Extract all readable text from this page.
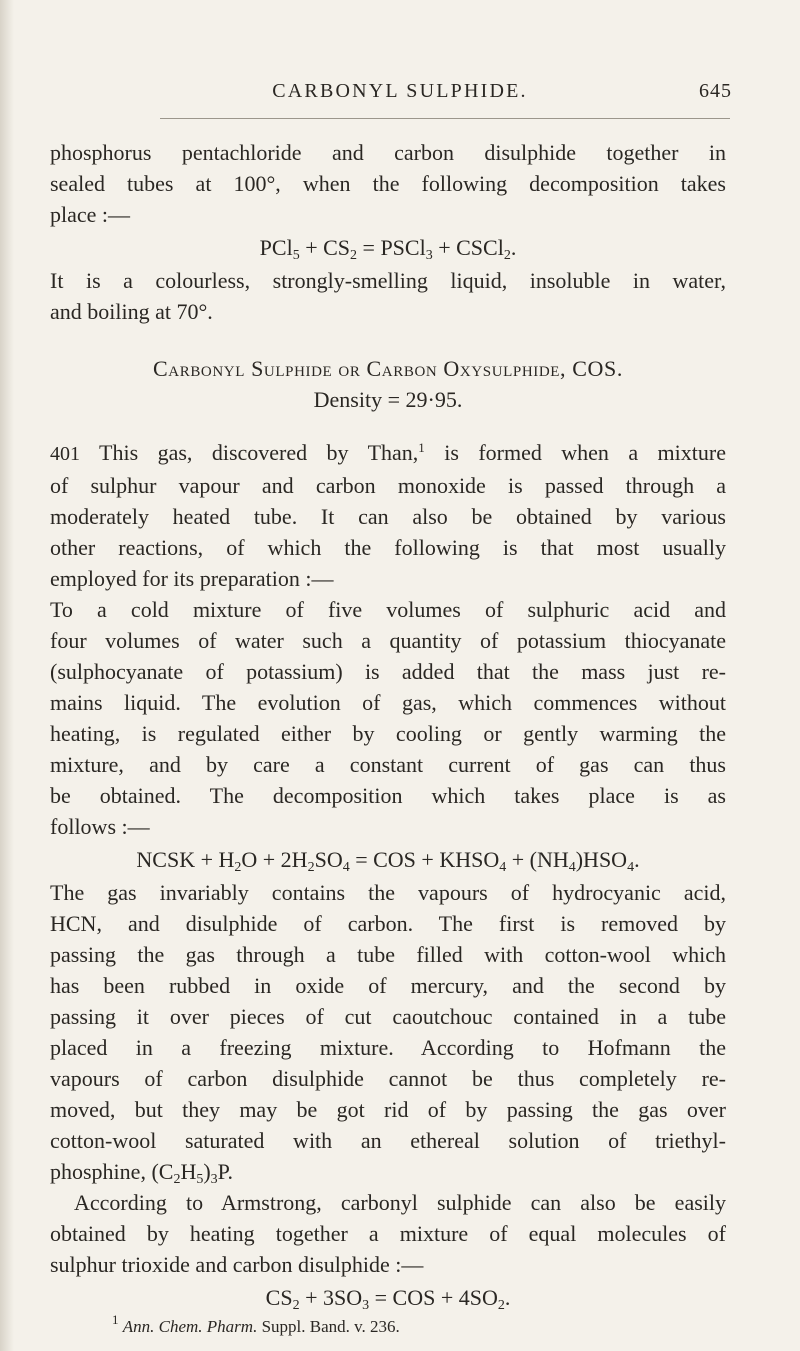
CARBONYL SULPHIDE.	645

phosphorus pentachloride and carbon disulphide together in
sealed tubes at 100°, when the following decomposition takes
place :—

$PCl_5 + CS_2$ = PSCl$_3$ + CSCl$_2$.

It is a colourless, strongly-smelling liquid, insoluble in water,
and boiling at 70°.

Carbonyl Sulphide or Carbon Oxysulphide, COS.
Density = 29·95.

401 This gas, discovered by Than,$^1$ is formed when a mixture
of sulphur vapour and carbon monoxide is passed through a
moderately heated tube. It can also be obtained by various
other reactions, of which the following is that most usually
employed for its preparation :—

To a cold mixture of five volumes of sulphuric acid and
four volumes of water such a quantity of potassium thiocyanate
(sulphocyanate of potassium) is added that the mass just re-
mains liquid. The evolution of gas, which commences without
heating, is regulated either by cooling or gently warming the
mixture, and by care a constant current of gas can thus
be obtained. The decomposition which takes place is as
follows :—

NCSK + $H_2O + 2H_2SO_4$ = COS + $KHSO_4 + (NH_4)HSO_4$.

The gas invariably contains the vapours of hydrocyanic acid,
HCN, and disulphide of carbon. The first is removed by
passing the gas through a tube filled with cotton-wool which
has been rubbed in oxide of mercury, and the second by
passing it over pieces of cut caoutchouc contained in a tube
placed in a freezing mixture. According to Hofmann the
vapours of carbon disulphide cannot be thus completely re-
moved, but they may be got rid of by passing the gas over
cotton-wool saturated with an ethereal solution of triethyl-
phosphine, $(C_2H_5)_3P$.

According to Armstrong, carbonyl sulphide can also be easily
obtained by heating together a mixture of equal molecules of
sulphur trioxide and carbon disulphide :—

$CS_2 + 3SO_3$ = COS + $4SO_2$.
$^1$ Ann. Chem. Pharm. Suppl. Band. v. 236.
